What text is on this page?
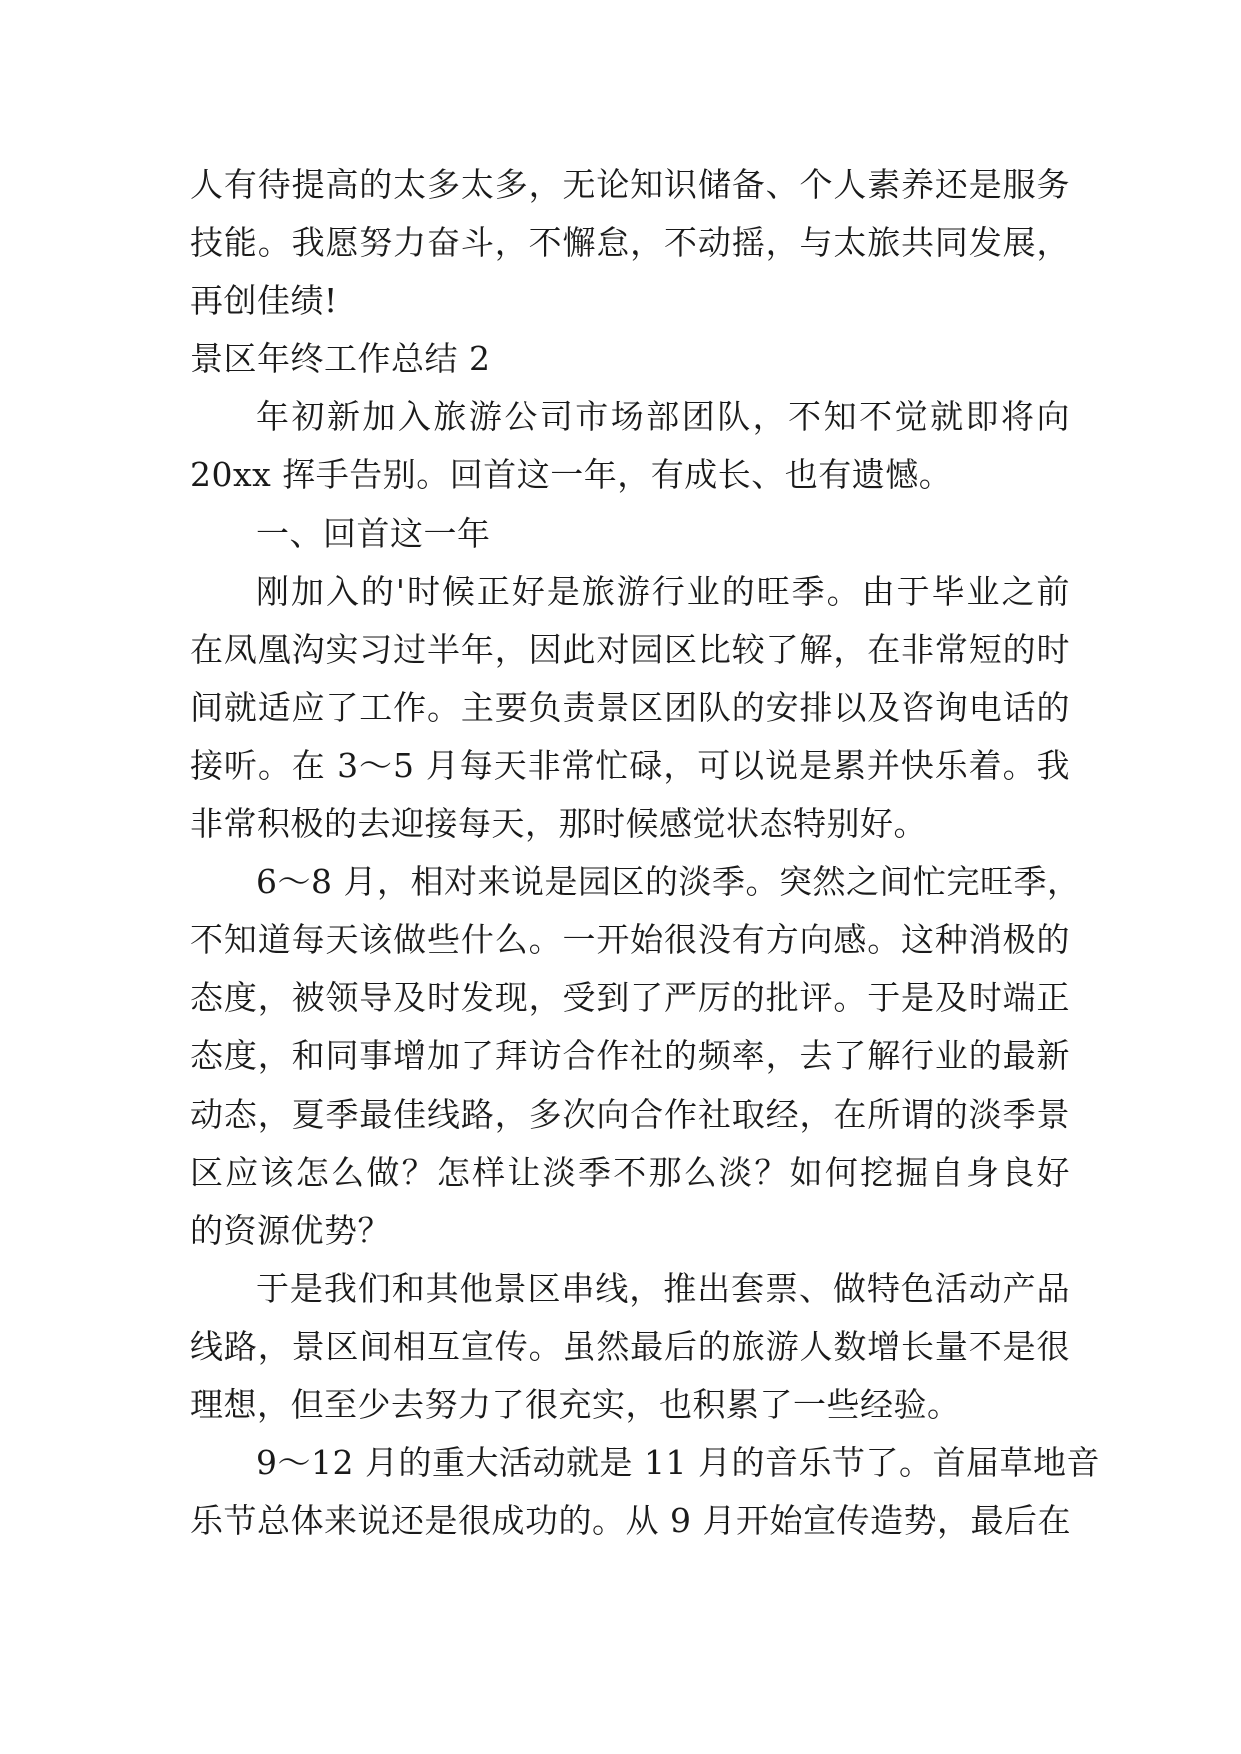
人有待提高的太多太多，无论知识储备、个人素养还是服务
技能。我愿努力奋斗，不懈怠，不动摇，与太旅共同发展，
再创佳绩!
景区年终工作总结 2
年初新加入旅游公司市场部团队，不知不觉就即将向
20xx 挥手告别。回首这一年，有成长、也有遗憾。
一、回首这一年
刚加入的'时候正好是旅游行业的旺季。由于毕业之前
在凤凰沟实习过半年，因此对园区比较了解，在非常短的时
间就适应了工作。主要负责景区团队的安排以及咨询电话的
接听。在 3～5 月每天非常忙碌，可以说是累并快乐着。我
非常积极的去迎接每天，那时候感觉状态特别好。
6～8 月，相对来说是园区的淡季。突然之间忙完旺季，
不知道每天该做些什么。一开始很没有方向感。这种消极的
态度，被领导及时发现，受到了严厉的批评。于是及时端正
态度，和同事增加了拜访合作社的频率，去了解行业的最新
动态，夏季最佳线路，多次向合作社取经，在所谓的淡季景
区应该怎么做？怎样让淡季不那么淡？如何挖掘自身良好
的资源优势？
于是我们和其他景区串线，推出套票、做特色活动产品
线路，景区间相互宣传。虽然最后的旅游人数增长量不是很
理想，但至少去努力了很充实，也积累了一些经验。
9～12 月的重大活动就是 11 月的音乐节了。首届草地音
乐节总体来说还是很成功的。从 9 月开始宣传造势，最后在
